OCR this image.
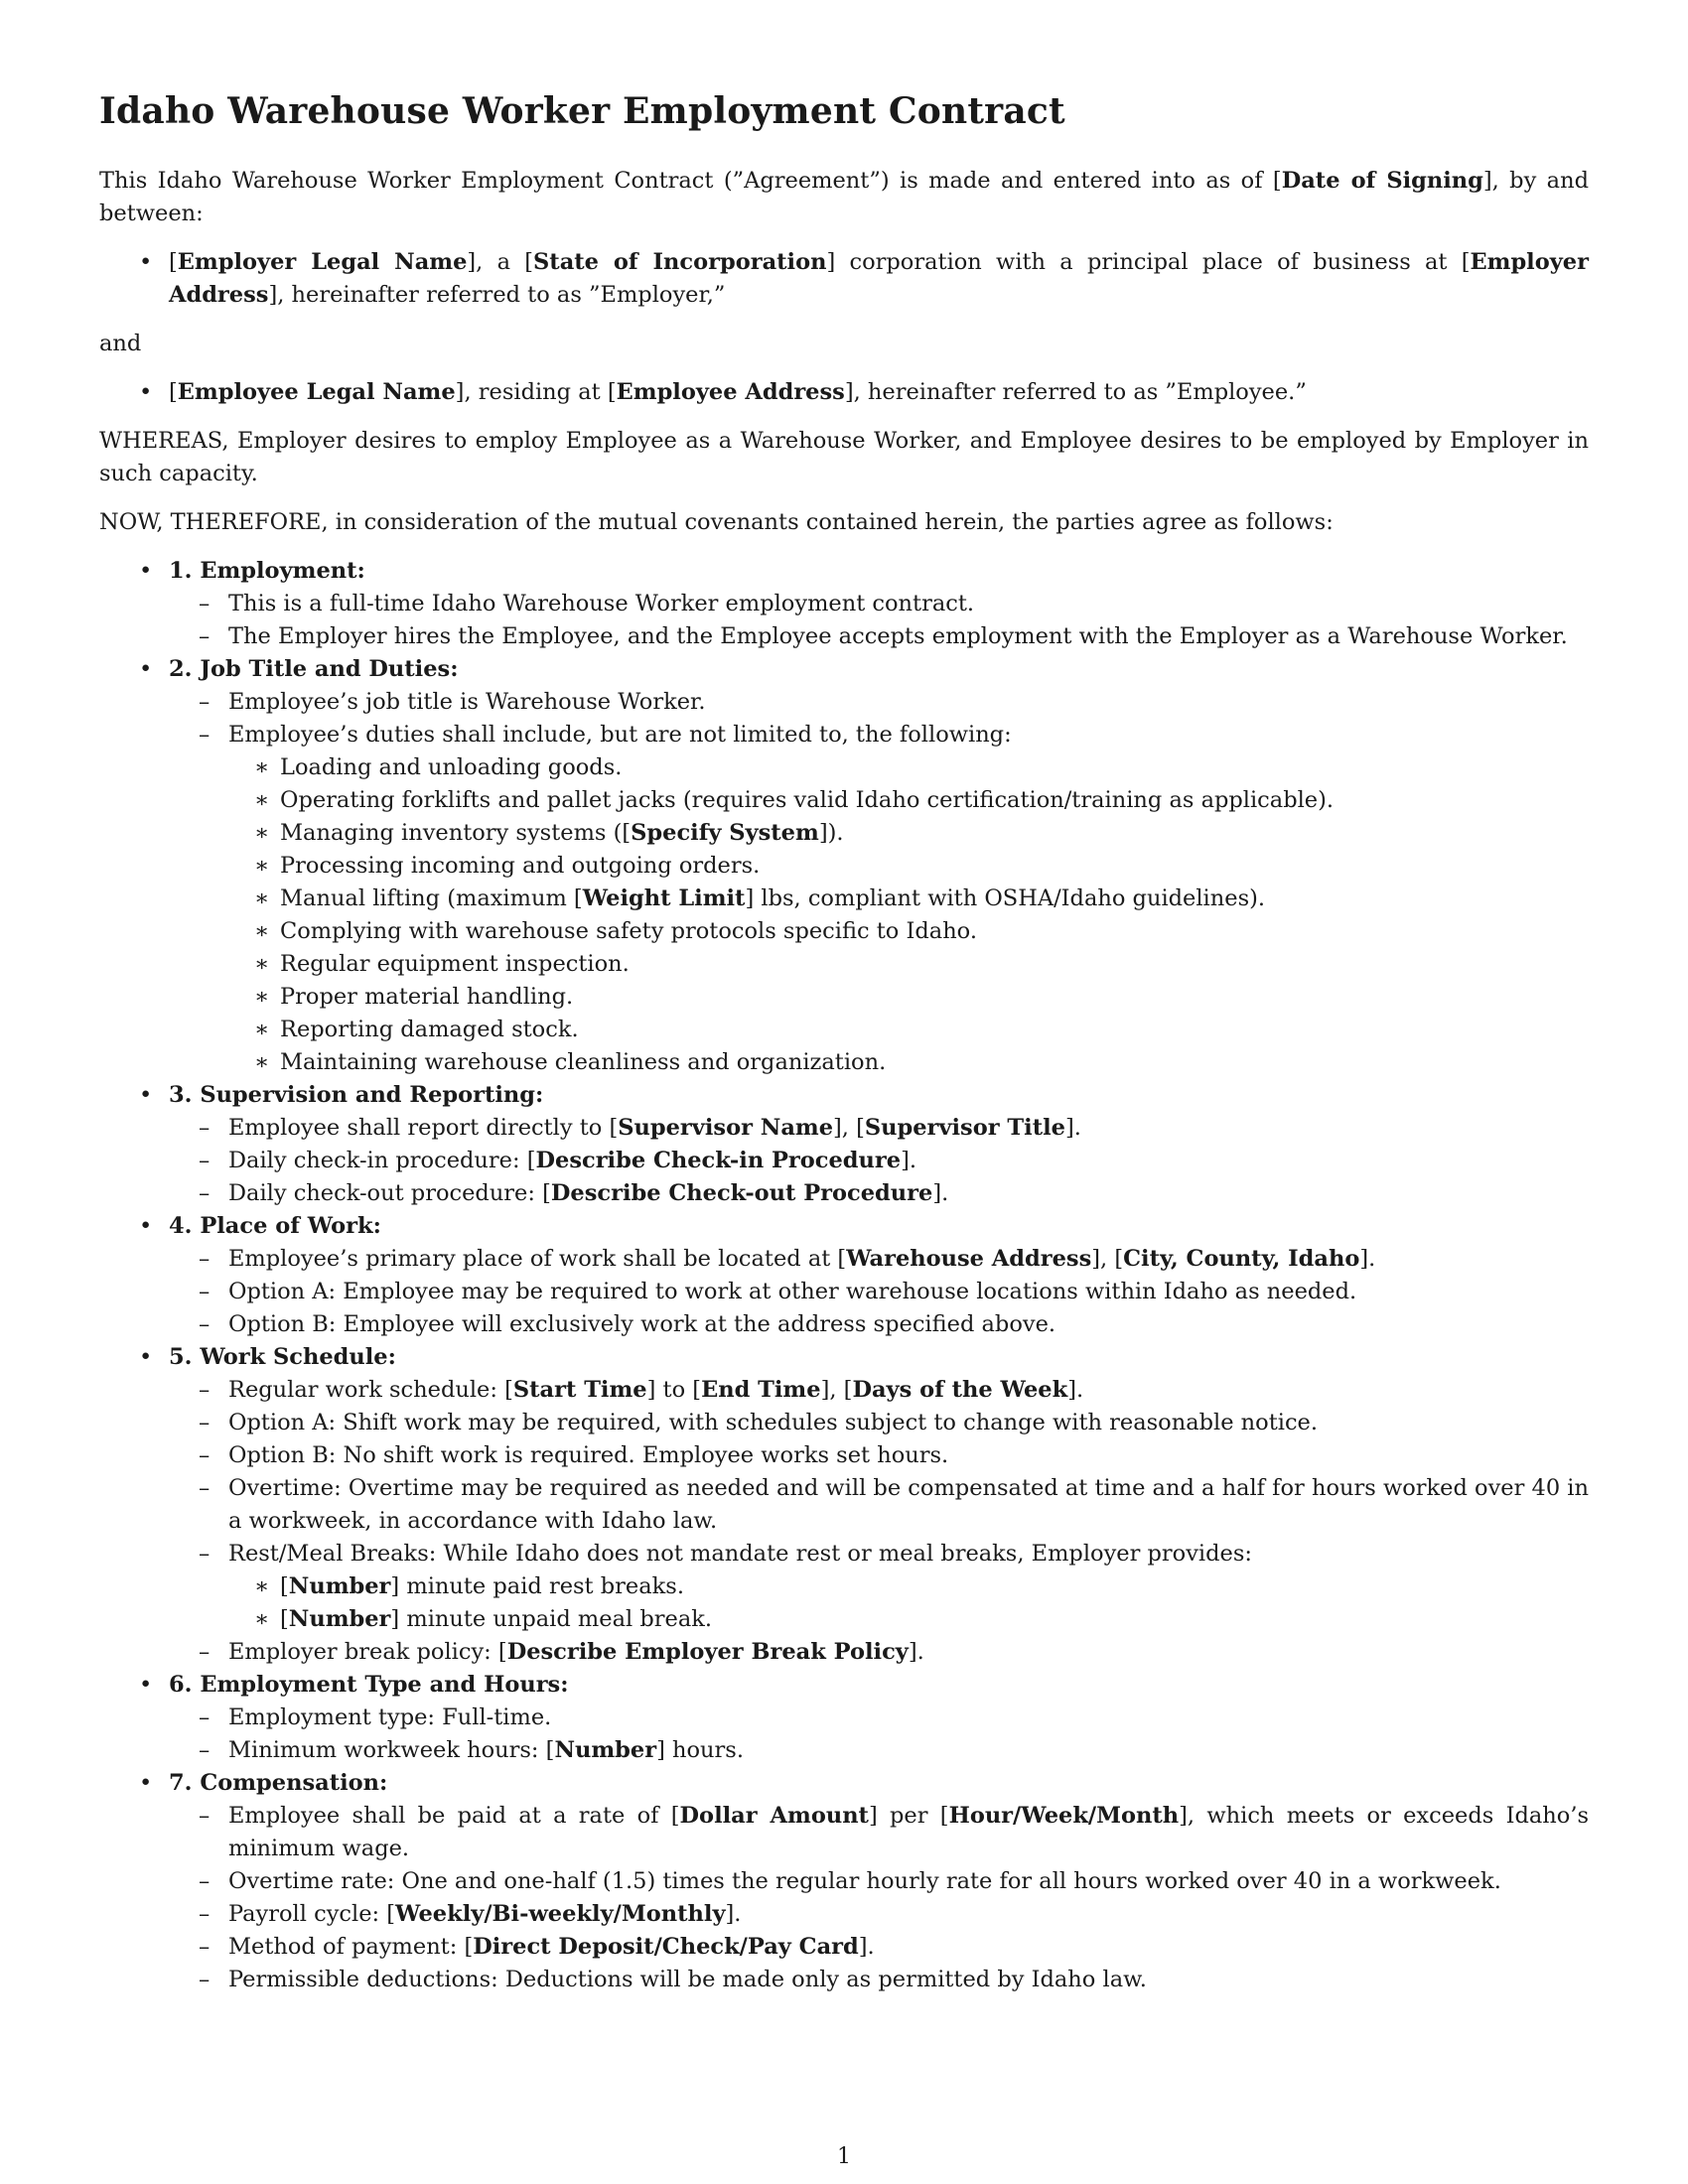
Idaho Warehouse Worker Employment Contract

This Idaho Warehouse Worker Employment Contract (”Agreement”) is made and entered into as of [Date of Signing], by and between:

• [Employer Legal Name], a [State of Incorporation] corporation with a principal place of business at [Employer Address], hereinafter referred to as ”Employer,”

and

• [Employee Legal Name], residing at [Employee Address], hereinafter referred to as ”Employee.”

WHEREAS, Employer desires to employ Employee as a Warehouse Worker, and Employee desires to be employed by Employer in such capacity.

NOW, THEREFORE, in consideration of the mutual covenants contained herein, the parties agree as follows:

• 1. Employment:
– This is a full-time Idaho Warehouse Worker employment contract.
– The Employer hires the Employee, and the Employee accepts employment with the Employer as a Warehouse Worker.
• 2. Job Title and Duties:
– Employee’s job title is Warehouse Worker.
– Employee’s duties shall include, but are not limited to, the following:
∗ Loading and unloading goods.
∗ Operating forklifts and pallet jacks (requires valid Idaho certification/training as applicable).
∗ Managing inventory systems ([Specify System]).
∗ Processing incoming and outgoing orders.
∗ Manual lifting (maximum [Weight Limit] lbs, compliant with OSHA/Idaho guidelines).
∗ Complying with warehouse safety protocols specific to Idaho.
∗ Regular equipment inspection.
∗ Proper material handling.
∗ Reporting damaged stock.
∗ Maintaining warehouse cleanliness and organization.
• 3. Supervision and Reporting:
– Employee shall report directly to [Supervisor Name], [Supervisor Title].
– Daily check-in procedure: [Describe Check-in Procedure].
– Daily check-out procedure: [Describe Check-out Procedure].
• 4. Place of Work:
– Employee’s primary place of work shall be located at [Warehouse Address], [City, County, Idaho].
– Option A: Employee may be required to work at other warehouse locations within Idaho as needed.
– Option B: Employee will exclusively work at the address specified above.
• 5. Work Schedule:
– Regular work schedule: [Start Time] to [End Time], [Days of the Week].
– Option A: Shift work may be required, with schedules subject to change with reasonable notice.
– Option B: No shift work is required. Employee works set hours.
– Overtime: Overtime may be required as needed and will be compensated at time and a half for hours worked over 40 in a workweek, in accordance with Idaho law.
– Rest/Meal Breaks: While Idaho does not mandate rest or meal breaks, Employer provides:
∗ [Number] minute paid rest breaks.
∗ [Number] minute unpaid meal break.
– Employer break policy: [Describe Employer Break Policy].
• 6. Employment Type and Hours:
– Employment type: Full-time.
– Minimum workweek hours: [Number] hours.
• 7. Compensation:
– Employee shall be paid at a rate of [Dollar Amount] per [Hour/Week/Month], which meets or exceeds Idaho’s minimum wage.
– Overtime rate: One and one-half (1.5) times the regular hourly rate for all hours worked over 40 in a workweek.
– Payroll cycle: [Weekly/Bi-weekly/Monthly].
– Method of payment: [Direct Deposit/Check/Pay Card].
– Permissible deductions: Deductions will be made only as permitted by Idaho law.
1
